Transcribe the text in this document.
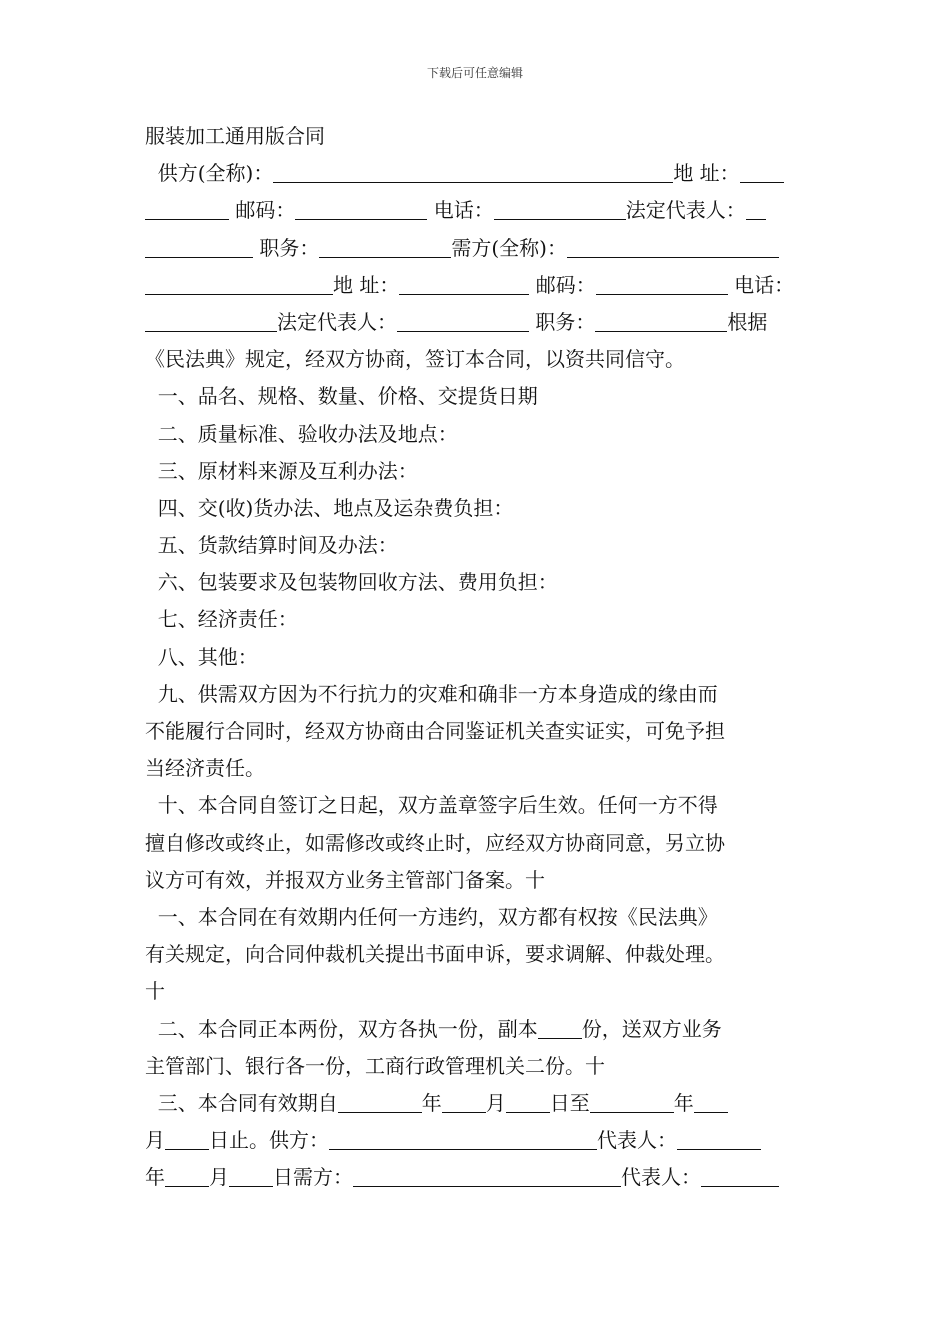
下载后可任意编辑
服装加工通用版合同
供方(全称)：	地 址：
邮码：	电话：	法定代表人：
职务：	需方(全称)：
地 址：	邮码：	电话：
法定代表人：	职务：	根据
《民法典》规定，经双方协商，签订本合同，以资共同信守。
一、品名、规格、数量、价格、交提货日期
二、质量标准、验收办法及地点：
三、原材料来源及互利办法：
四、交(收)货办法、地点及运杂费负担：
五、货款结算时间及办法：
六、包装要求及包装物回收方法、费用负担：
七、经济责任：
八、其他：
九、供需双方因为不行抗力的灾难和确非一方本身造成的缘由而
不能履行合同时，经双方协商由合同鉴证机关查实证实，可免予担
当经济责任。
十、本合同自签订之日起，双方盖章签字后生效。任何一方不得
擅自修改或终止，如需修改或终止时，应经双方协商同意，另立协
议方可有效，并报双方业务主管部门备案。十
一、本合同在有效期内任何一方违约，双方都有权按《民法典》
有关规定，向合同仲裁机关提出书面申诉，要求调解、仲裁处理。
十
二、本合同正本两份，双方各执一份，副本 份，送双方业务
主管部门、银行各一份，工商行政管理机关二份。十
三、本合同有效期自	年 月 日至	年
月 日止。供方：	代表人：
年 月 日需方：	代表人：
